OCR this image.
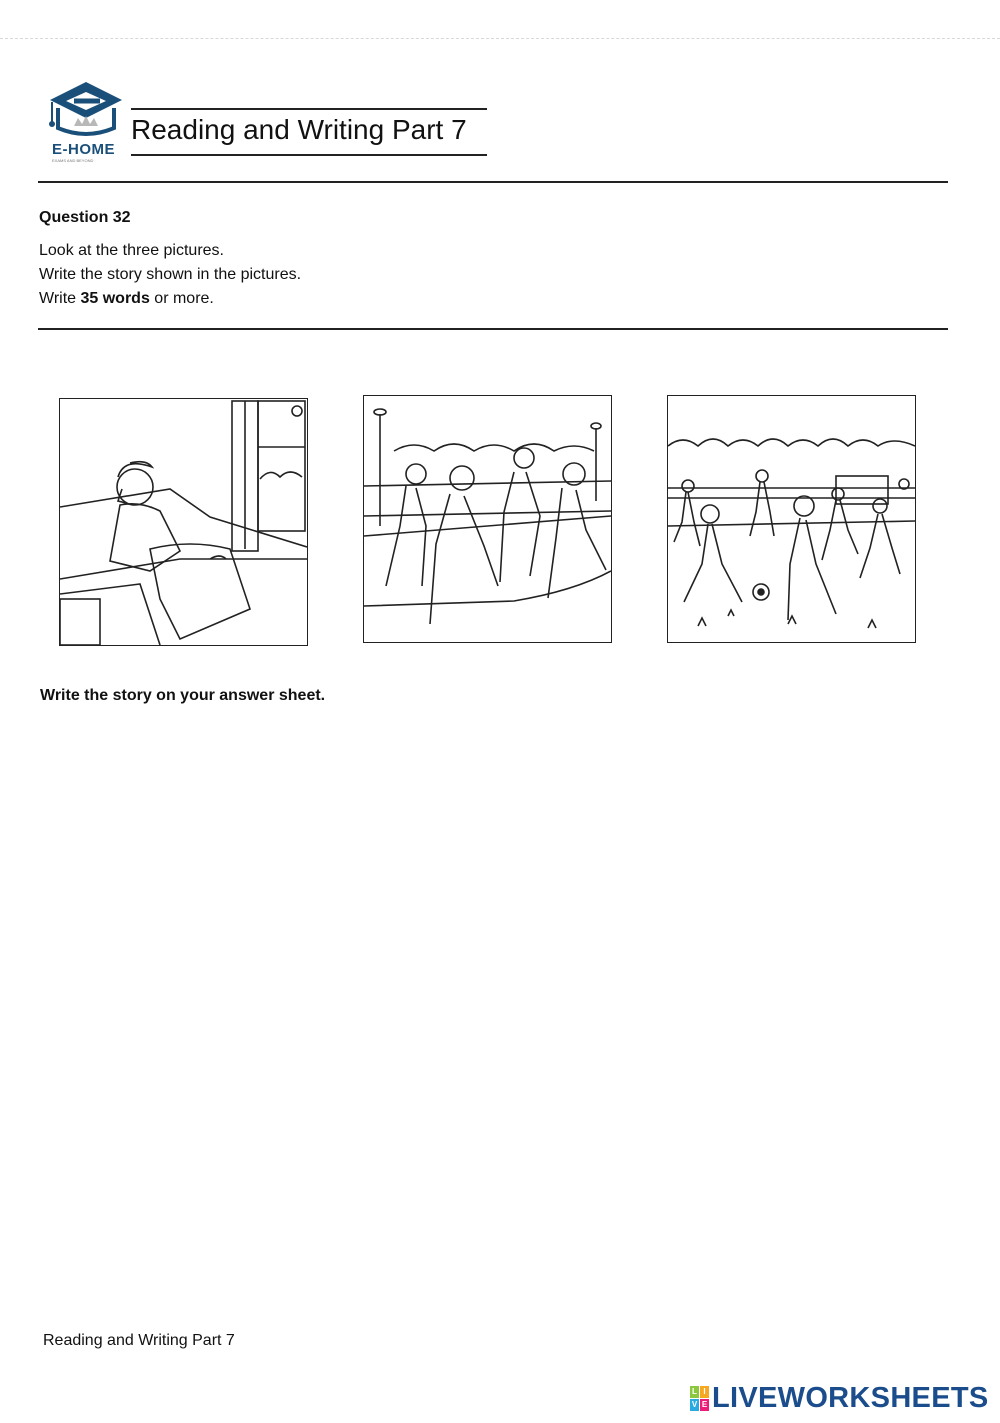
E-HOME
EXAMS AND BEYOND
Reading and Writing Part 7
Question 32
Look at the three pictures.
Write the story shown in the pictures.
Write 35 words or more.
Write the story on your answer sheet.
Reading and Writing Part 7
L I
V E LIVEWORKSHEETS
